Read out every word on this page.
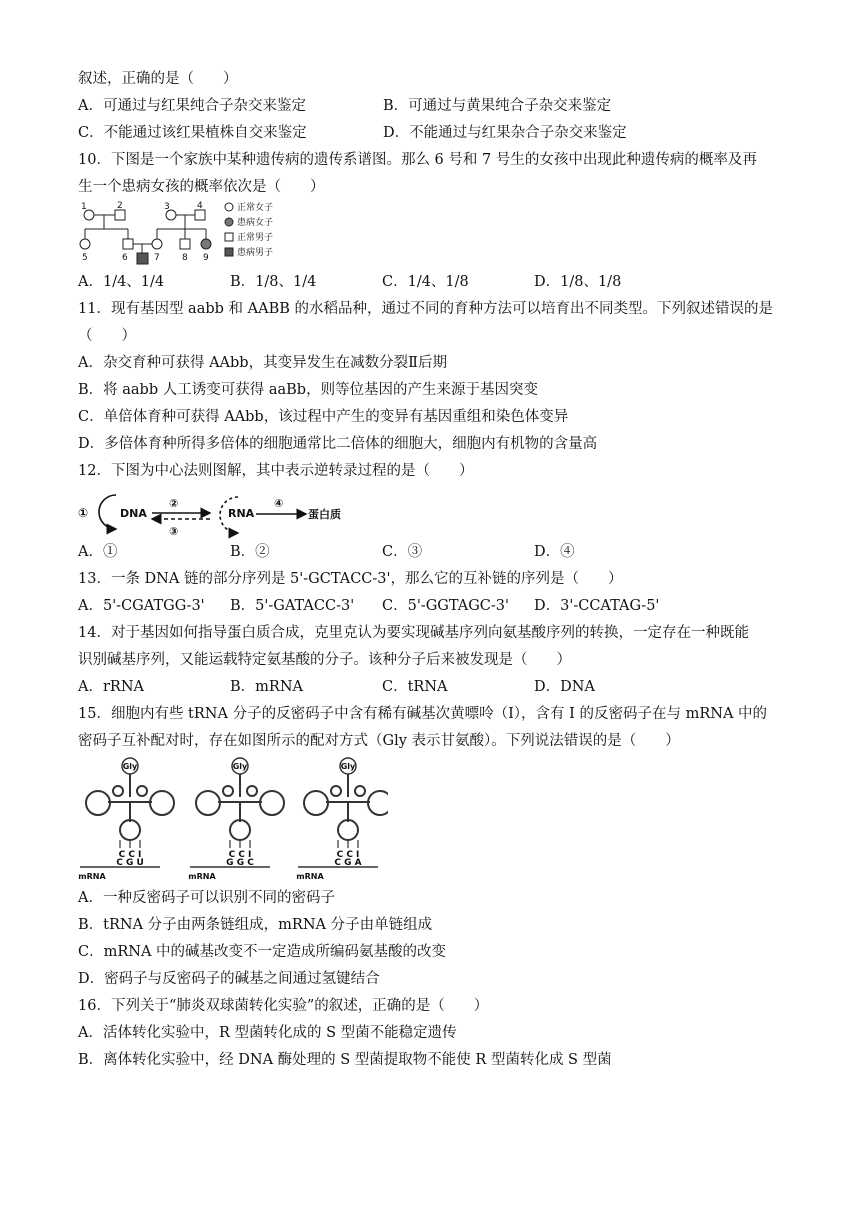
叙述，正确的是（　　）
A．可通过与红果纯合子杂交来鉴定	B．可通过与黄果纯合子杂交来鉴定
C．不能通过该红果植株自交来鉴定	D．不能通过与红果杂合子杂交来鉴定
10．下图是一个家族中某种遗传病的遗传系谱图。那么 6 号和 7 号生的女孩中出现此种遗传病的概率及再
生一个患病女孩的概率依次是（　　）
1	2	3	4
5	6	7 8 9
正常女子
患病女子
正常男子
患病男子
A．1/4、1/4	B．1/8、1/4	C．1/4、1/8	D．1/8、1/8
11．现有基因型 aabb 和 AABB 的水稻品种，通过不同的育种方法可以培育出不同类型。下列叙述错误的是
（　　）
A．杂交育种可获得 AAbb，其变异发生在减数分裂Ⅱ后期
B．将 aabb 人工诱变可获得 aaBb，则等位基因的产生来源于基因突变
C．单倍体育种可获得 AAbb，该过程中产生的变异有基因重组和染色体变异
D．多倍体育种所得多倍体的细胞通常比二倍体的细胞大，细胞内有机物的含量高
12．下图为中心法则图解，其中表示逆转录过程的是（　　）
①	DNA
②
③
RNA
④
蛋白质
A．①	B．②	C．③	D．④
13．一条 DNA 链的部分序列是 5'-GCTACC-3'，那么它的互补链的序列是（　　）
A．5'-CGATGG-3'	B．5'-GATACC-3'	C．5'-GGTAGC-3'	D．3'-CCATAG-5'
14．对于基因如何指导蛋白质合成，克里克认为要实现碱基序列向氨基酸序列的转换，一定存在一种既能
识别碱基序列，又能运载特定氨基酸的分子。该种分子后来被发现是（　　）
A．rRNA	B．mRNA	C．tRNA	D．DNA
15．细胞内有些 tRNA 分子的反密码子中含有稀有碱基次黄嘌呤（I），含有 I 的反密码子在与 mRNA 中的
密码子互补配对时，存在如图所示的配对方式（Gly 表示甘氨酸）。下列说法错误的是（　　）
Gly
C C I
C G U
mRNA
Gly
C C I
G G C
mRNA
Gly
C C I
C G A
mRNA
A．一种反密码子可以识别不同的密码子
B．tRNA 分子由两条链组成，mRNA 分子由单链组成
C．mRNA 中的碱基改变不一定造成所编码氨基酸的改变
D．密码子与反密码子的碱基之间通过氢键结合
16．下列关于“肺炎双球菌转化实验”的叙述，正确的是（　　）
A．活体转化实验中，R 型菌转化成的 S 型菌不能稳定遗传
B．离体转化实验中，经 DNA 酶处理的 S 型菌提取物不能使 R 型菌转化成 S 型菌
